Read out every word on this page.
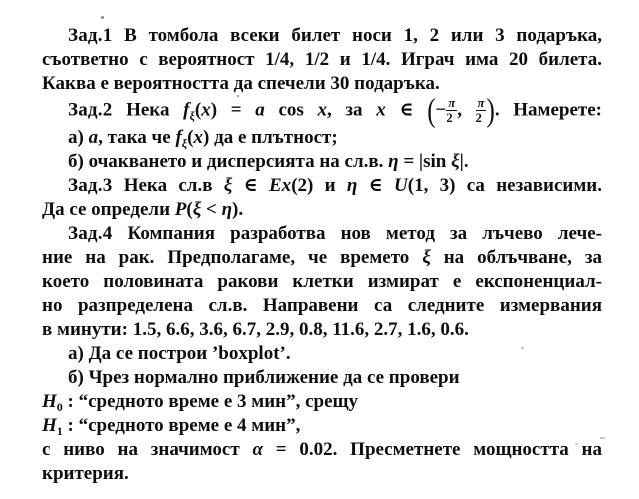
Зад.1 В томбола всеки билет носи 1, 2 или 3 подаръка,
съответно с вероятност 1/4, 1/2 и 1/4. Играч има 20 билета.
Каква е вероятността да спечели 30 подаръка.
Зад.2 Нека $f_\xi(x) = a$ cos x, за x ∈ (− $\frac{\pi}{2}$ , $\frac{\pi}{2}$ ). Намерете:
а) a, така че $f_\xi(x)$ да е плътност;
б) очакването и дисперсията на сл.в. η = |sin ξ|.
Зад.3 Нека сл.в ξ ∈ Ex(2) и η ∈ U(1, 3) са независими.
Да се определи P(ξ < η).
Зад.4 Компания разработва нов метод за лъчево лече-
ние на рак. Предполагаме, че времето ξ на облъчване, за
което половината ракови клетки измират е експоненциал-
но разпределена сл.в. Направени са следните измервания
в минути: 1.5, 6.6, 3.6, 6.7, 2.9, 0.8, 11.6, 2.7, 1.6, 0.6.
а) Да се построи ’boxplot’.
б) Чрез нормално приближение да се провери
$H_0$ : “средното време е 3 мин”, срещу
$H_1$ : “средното време е 4 мин”,
с ниво на значимост α = 0.02. Пресметнете мощността на
критерия.
